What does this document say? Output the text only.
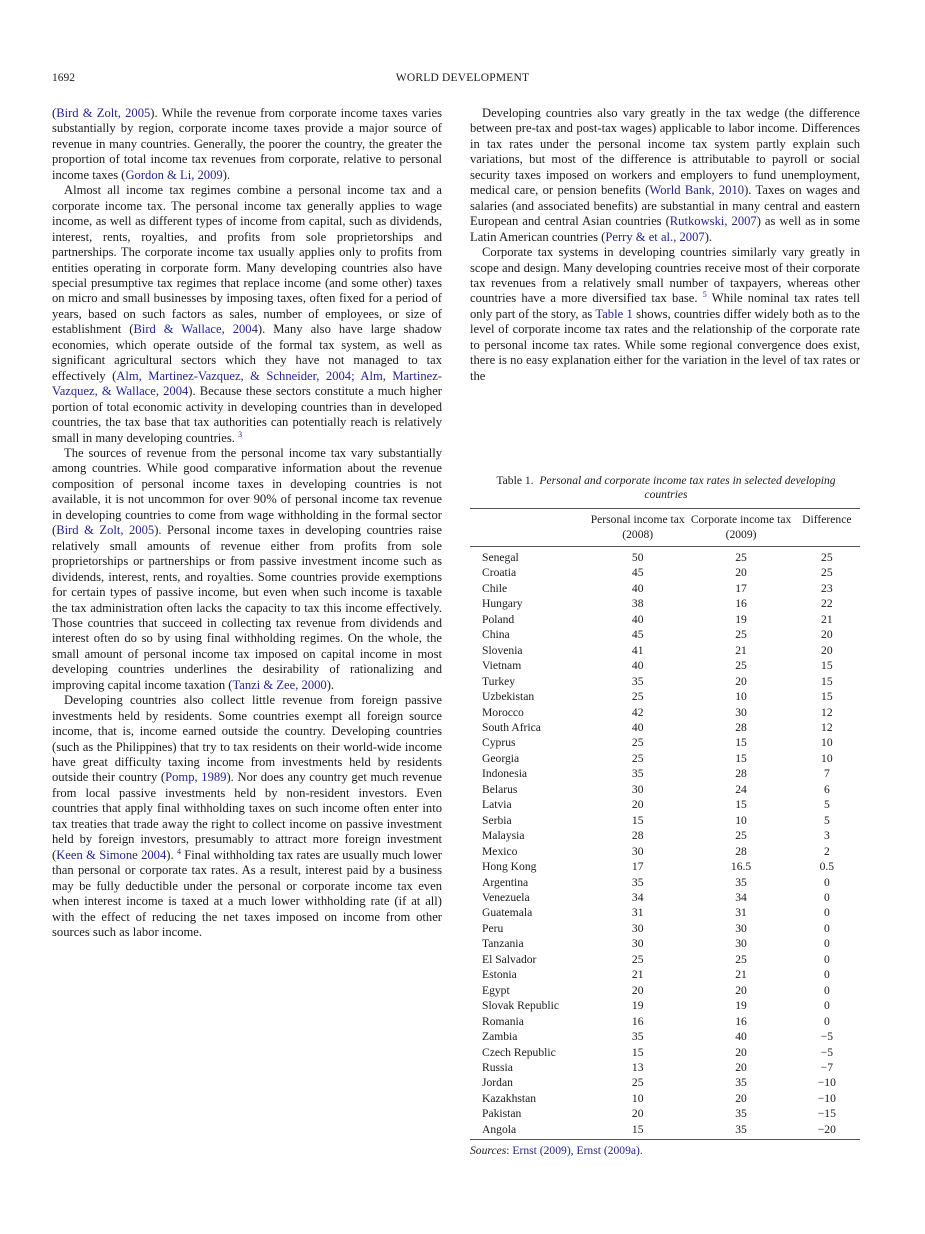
1692	WORLD DEVELOPMENT

(Bird & Zolt, 2005). While the revenue from corporate income taxes varies substantially by region, corporate income taxes provide a major source of revenue in many countries. Generally, the poorer the country, the greater the proportion of total income tax revenues from corporate, relative to personal income taxes (Gordon & Li, 2009).

Almost all income tax regimes combine a personal income tax and a corporate income tax. The personal income tax generally applies to wage income, as well as different types of income from capital, such as dividends, interest, rents, royalties, and profits from sole proprietorships and partnerships. The corporate income tax usually applies only to profits from entities operating in corporate form. Many developing countries also have special presumptive tax regimes that replace income (and some other) taxes on micro and small businesses by imposing taxes, often fixed for a period of years, based on such factors as sales, number of employees, or size of establishment (Bird & Wallace, 2004). Many also have large shadow economies, which operate outside of the formal tax system, as well as significant agricultural sectors which they have not managed to tax effectively (Alm, Martinez-Vazquez, & Schneider, 2004; Alm, Martinez-Vazquez, & Wallace, 2004). Because these sectors constitute a much higher portion of total economic activity in developing countries than in developed countries, the tax base that tax authorities can potentially reach is relatively small in many developing countries. $^3$

The sources of revenue from the personal income tax vary substantially among countries. While good comparative information about the revenue composition of personal income taxes in developing countries is not available, it is not uncommon for over 90% of personal income tax revenue in developing countries to come from wage withholding in the formal sector (Bird & Zolt, 2005). Personal income taxes in developing countries raise relatively small amounts of revenue either from profits from sole proprietorships or partnerships or from passive investment income such as dividends, interest, rents, and royalties. Some countries provide exemptions for certain types of passive income, but even when such income is taxable the tax administration often lacks the capacity to tax this income effectively. Those countries that succeed in collecting tax revenue from dividends and interest often do so by using final withholding regimes. On the whole, the small amount of personal income tax imposed on capital income in most developing countries underlines the desirability of rationalizing and improving capital income taxation (Tanzi & Zee, 2000).

Developing countries also collect little revenue from foreign passive investments held by residents. Some countries exempt all foreign source income, that is, income earned outside the country. Developing countries (such as the Philippines) that try to tax residents on their world-wide income have great difficulty taxing income from investments held by residents outside their country (Pomp, 1989). Nor does any country get much revenue from local passive investments held by non-resident investors. Even countries that apply final withholding taxes on such income often enter into tax treaties that trade away the right to collect income on passive investment held by foreign investors, presumably to attract more foreign investment (Keen & Simone 2004). $^4$ Final withholding tax rates are usually much lower than personal or corporate tax rates. As a result, interest paid by a business may be fully deductible under the personal or corporate income tax even when interest income is taxed at a much lower withholding rate (if at all) with the effect of reducing the net taxes imposed on income from other sources such as labor income.

Developing countries also vary greatly in the tax wedge (the difference between pre-tax and post-tax wages) applicable to labor income. Differences in tax rates under the personal income tax system partly explain such variations, but most of the difference is attributable to payroll or social security taxes imposed on workers and employers to fund unemployment, medical care, or pension benefits (World Bank, 2010). Taxes on wages and salaries (and associated benefits) are substantial in many central and eastern European and central Asian countries (Rutkowski, 2007) as well as in some Latin American countries (Perry & et al., 2007).

Corporate tax systems in developing countries similarly vary greatly in scope and design. Many developing countries receive most of their corporate tax revenues from a relatively small number of taxpayers, whereas other countries have a more diversified tax base. $^5$ While nominal tax rates tell only part of the story, as Table 1 shows, countries differ widely both as to the level of corporate income tax rates and the relationship of the corporate rate to personal income tax rates. While some regional convergence does exist, there is no easy explanation either for the variation in the level of tax rates or the

Table 1. Personal and corporate income tax rates in selected developing countries
	Personal income tax (2008)	Corporate income tax (2009)	Difference
Senegal	50	25	25
Croatia	45	20	25
Chile	40	17	23
Hungary	38	16	22
Poland	40	19	21
China	45	25	20
Slovenia	41	21	20
Vietnam	40	25	15
Turkey	35	20	15
Uzbekistan	25	10	15
Morocco	42	30	12
South Africa	40	28	12
Cyprus	25	15	10
Georgia	25	15	10
Indonesia	35	28	7
Belarus	30	24	6
Latvia	20	15	5
Serbia	15	10	5
Malaysia	28	25	3
Mexico	30	28	2
Hong Kong	17	16.5	0.5
Argentina	35	35	0
Venezuela	34	34	0
Guatemala	31	31	0
Peru	30	30	0
Tanzania	30	30	0
El Salvador	25	25	0
Estonia	21	21	0
Egypt	20	20	0
Slovak Republic	19	19	0
Romania	16	16	0
Zambia	35	40	−5
Czech Republic	15	20	−5
Russia	13	20	−7
Jordan	25	35	−10
Kazakhstan	10	20	−10
Pakistan	20	35	−15
Angola	15	35	−20
Sources: Ernst (2009), Ernst (2009a).
